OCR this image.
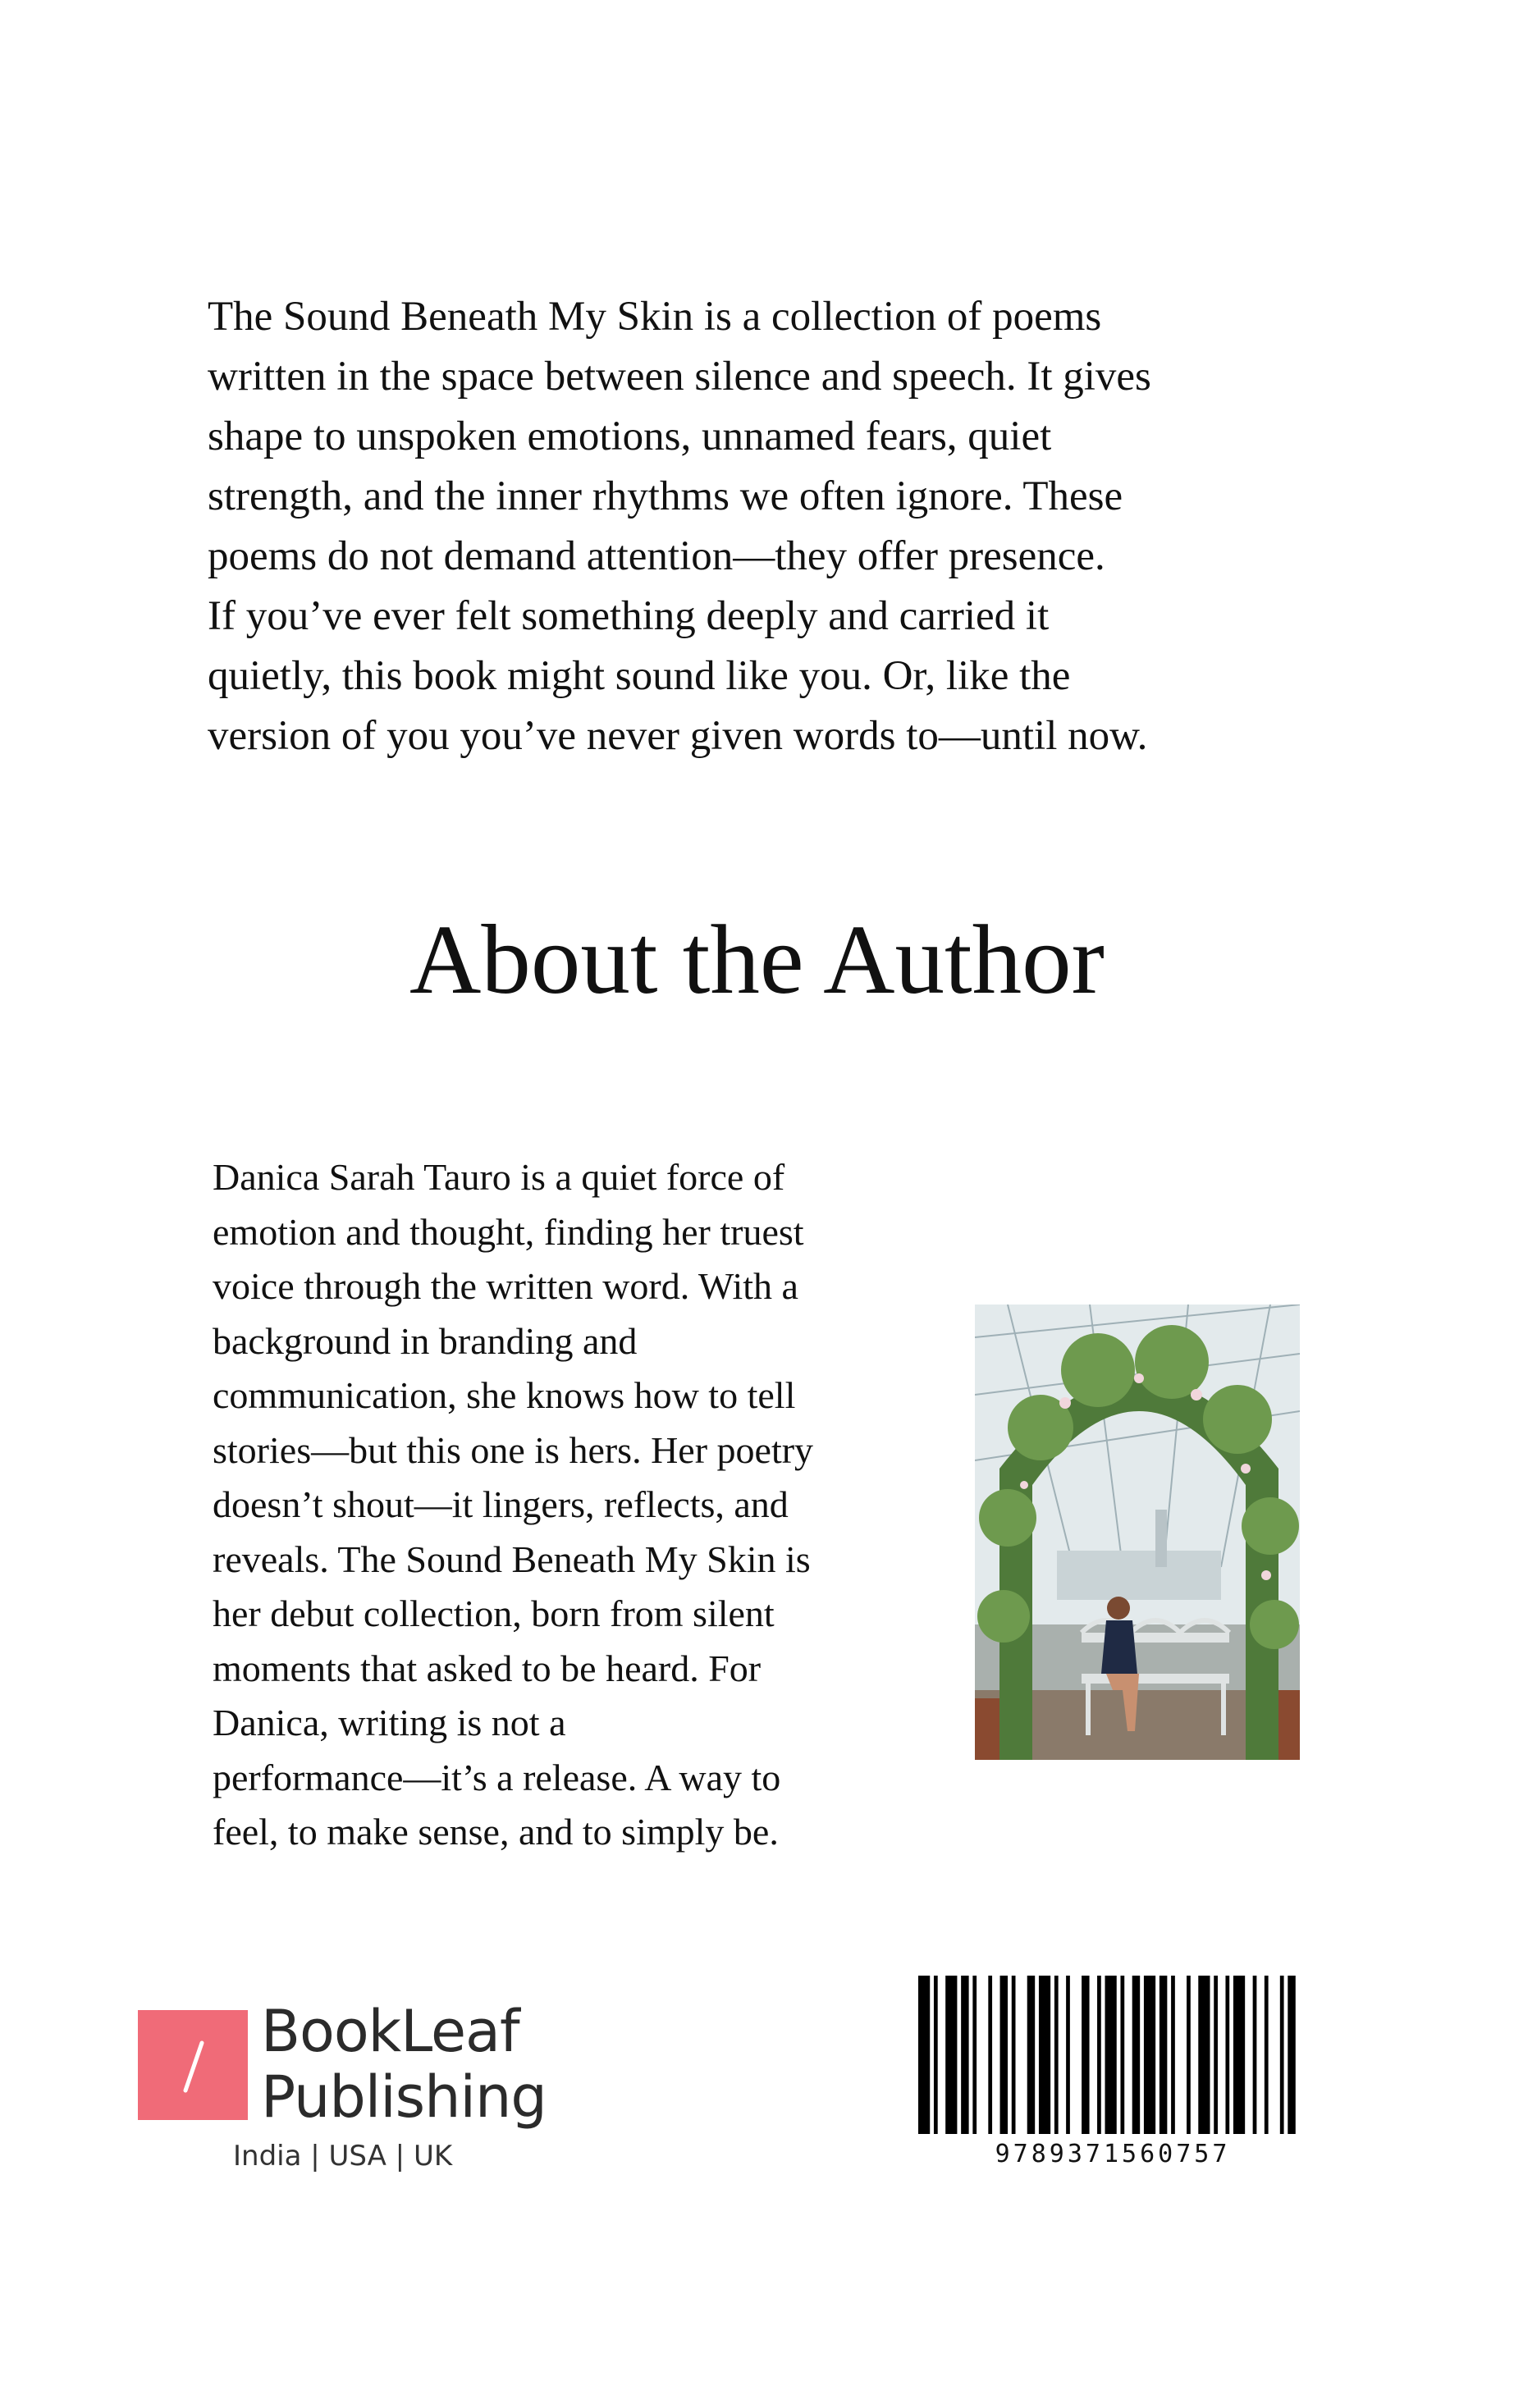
The Sound Beneath My Skin is a collection of poems
written in the space between silence and speech. It gives
shape to unspoken emotions, unnamed fears, quiet
strength, and the inner rhythms we often ignore. These
poems do not demand attention—they offer presence.
If you’ve ever felt something deeply and carried it
quietly, this book might sound like you. Or, like the
version of you you’ve never given words to—until now.
About the Author
Danica Sarah Tauro is a quiet force of
emotion and thought, finding her truest
voice through the written word. With a
background in branding and
communication, she knows how to tell
stories—but this one is hers. Her poetry
doesn’t shout—it lingers, reflects, and
reveals. The Sound Beneath My Skin is
her debut collection, born from silent
moments that asked to be heard. For
Danica, writing is not a
performance—it’s a release. A way to
feel, to make sense, and to simply be.
BookLeaf
Publishing
India | USA | UK	9789371560757
